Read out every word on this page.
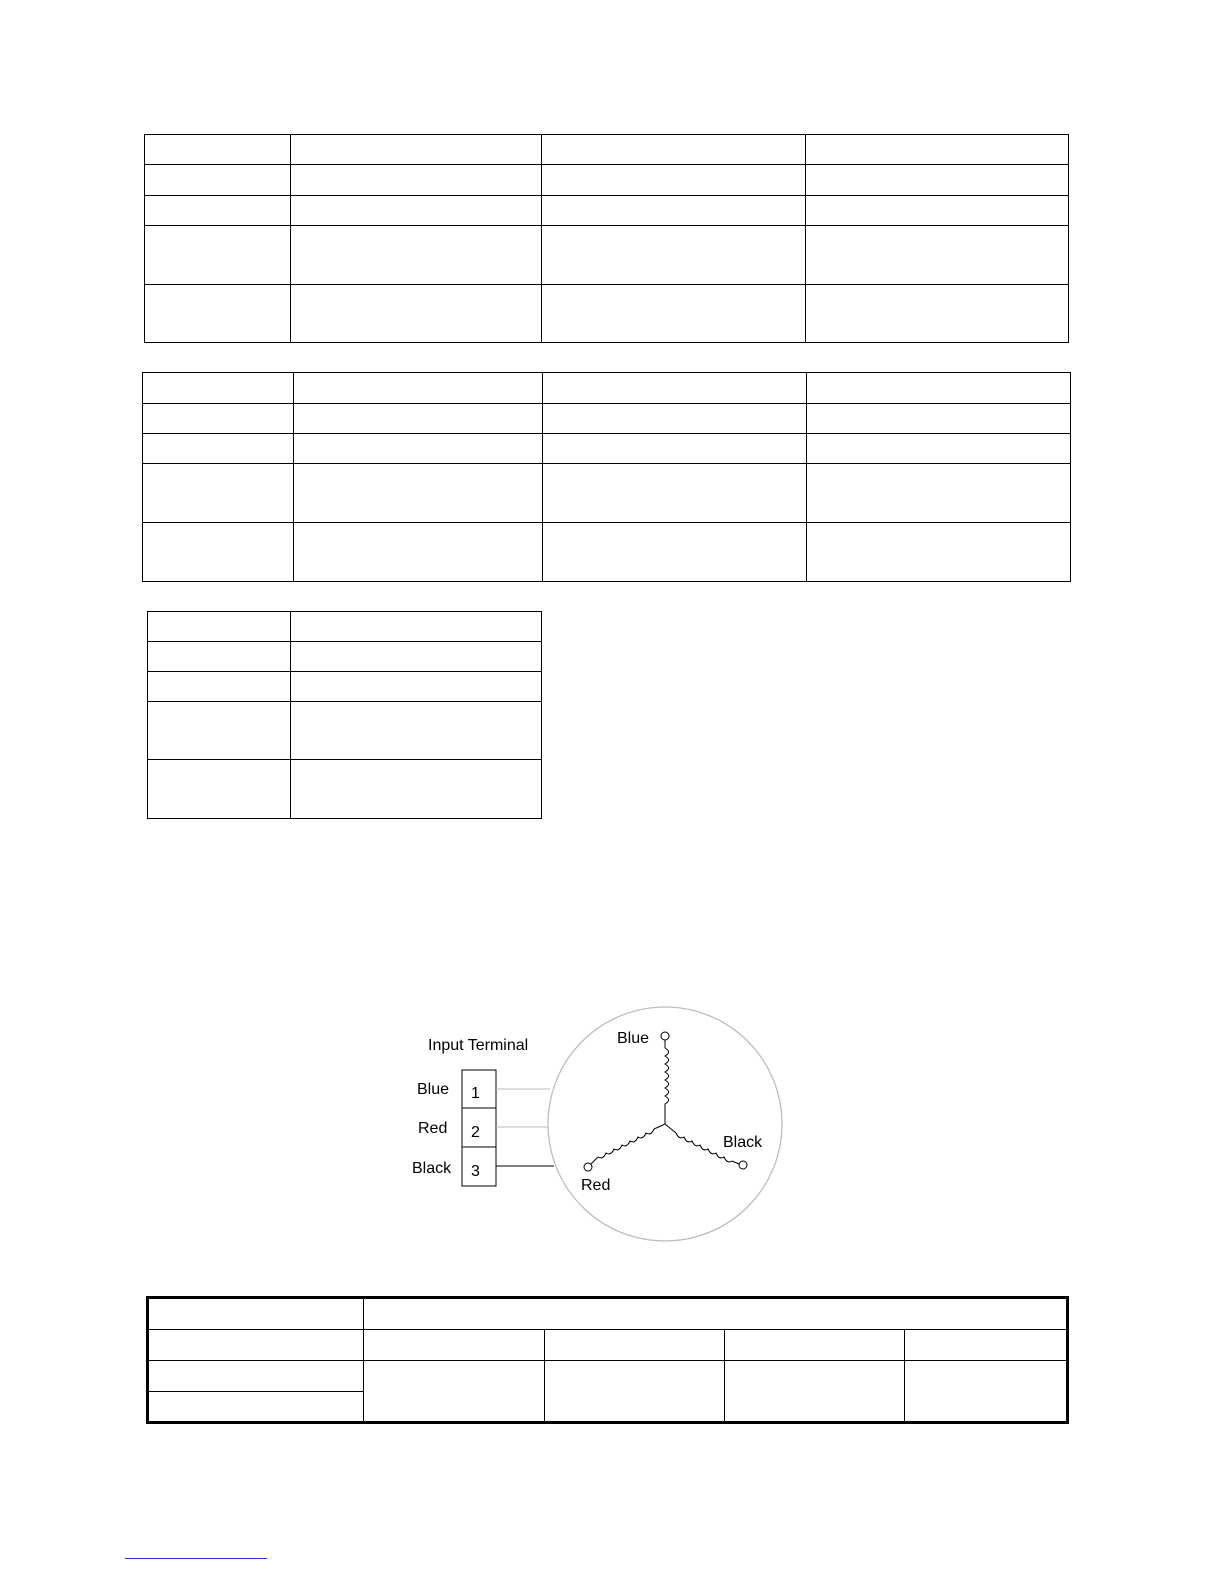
Input Terminal
1
2
3
Blue
Red
Black
Blue
Black
Red
